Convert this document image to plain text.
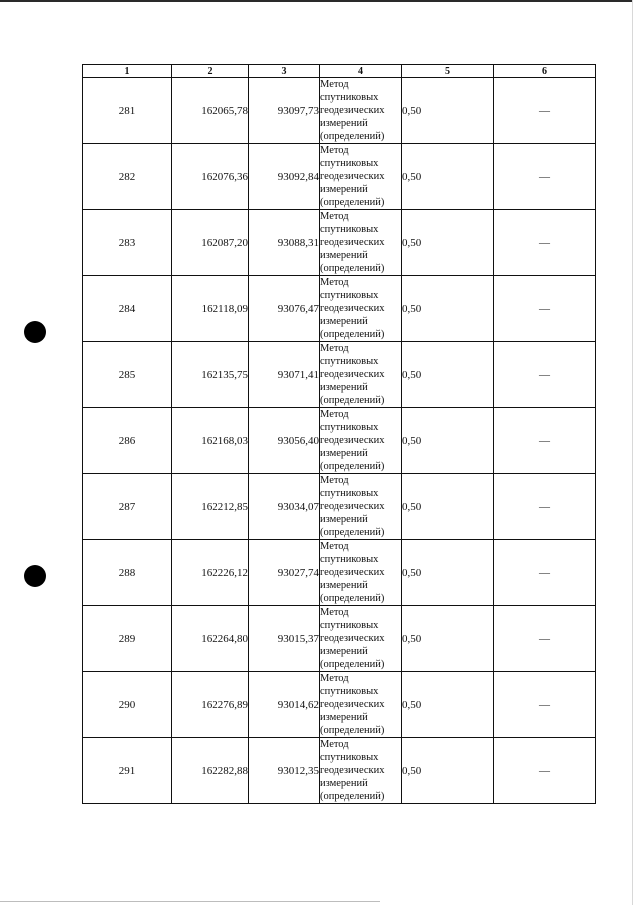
1	2	3	4	5	6
281	162065,78	93097,73	Метод
спутниковых
геодезических
измерений
(определений)	0,50	—
282	162076,36	93092,84	Метод
спутниковых
геодезических
измерений
(определений)	0,50	—
283	162087,20	93088,31	Метод
спутниковых
геодезических
измерений
(определений)	0,50	—
284	162118,09	93076,47	Метод
спутниковых
геодезических
измерений
(определений)	0,50	—
285	162135,75	93071,41	Метод
спутниковых
геодезических
измерений
(определений)	0,50	—
286	162168,03	93056,40	Метод
спутниковых
геодезических
измерений
(определений)	0,50	—
287	162212,85	93034,07	Метод
спутниковых
геодезических
измерений
(определений)	0,50	—
288	162226,12	93027,74	Метод
спутниковых
геодезических
измерений
(определений)	0,50	—
289	162264,80	93015,37	Метод
спутниковых
геодезических
измерений
(определений)	0,50	—
290	162276,89	93014,62	Метод
спутниковых
геодезических
измерений
(определений)	0,50	—
291	162282,88	93012,35	Метод
спутниковых
геодезических
измерений
(определений)	0,50	—
